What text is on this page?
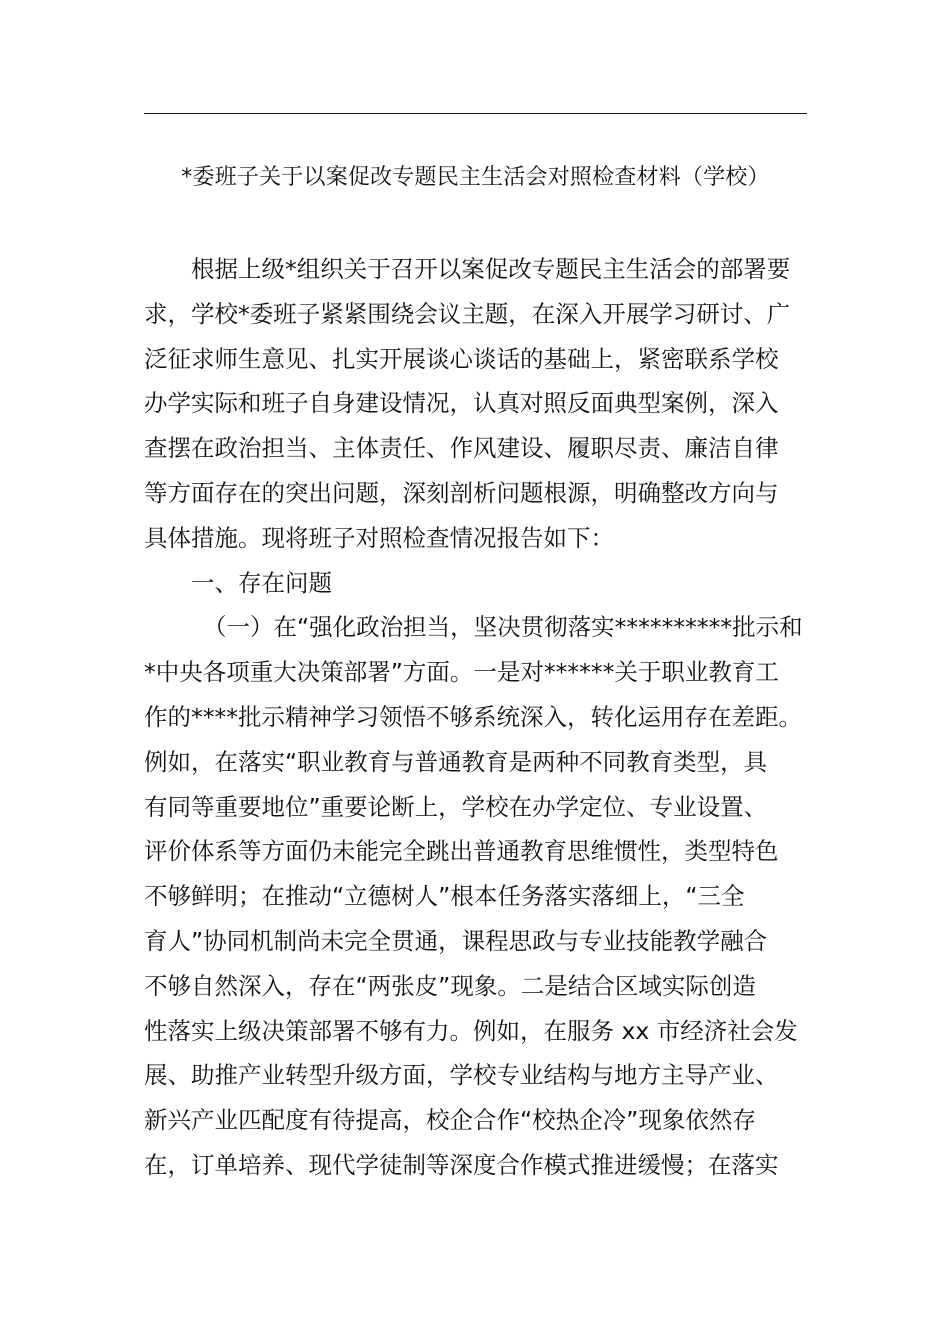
*委班子关于以案促改专题民主生活会对照检查材料（学校）
根据上级*组织关于召开以案促改专题民主生活会的部署要
求，学校*委班子紧紧围绕会议主题，在深入开展学习研讨、广
泛征求师生意见、扎实开展谈心谈话的基础上，紧密联系学校
办学实际和班子自身建设情况，认真对照反面典型案例，深入
查摆在政治担当、主体责任、作风建设、履职尽责、廉洁自律
等方面存在的突出问题，深刻剖析问题根源，明确整改方向与
具体措施。现将班子对照检查情况报告如下：
一、存在问题
（一）在“强化政治担当，坚决贯彻落实**********批示和
*中央各项重大决策部署”方面。一是对******关于职业教育工
作的****批示精神学习领悟不够系统深入，转化运用存在差距。
例如，在落实“职业教育与普通教育是两种不同教育类型，具
有同等重要地位”重要论断上，学校在办学定位、专业设置、
评价体系等方面仍未能完全跳出普通教育思维惯性，类型特色
不够鲜明；在推动“立德树人”根本任务落实落细上，“三全
育人”协同机制尚未完全贯通，课程思政与专业技能教学融合
不够自然深入，存在“两张皮”现象。二是结合区域实际创造
性落实上级决策部署不够有力。例如，在服务 xx 市经济社会发
展、助推产业转型升级方面，学校专业结构与地方主导产业、
新兴产业匹配度有待提高，校企合作“校热企冷”现象依然存
在，订单培养、现代学徒制等深度合作模式推进缓慢；在落实
